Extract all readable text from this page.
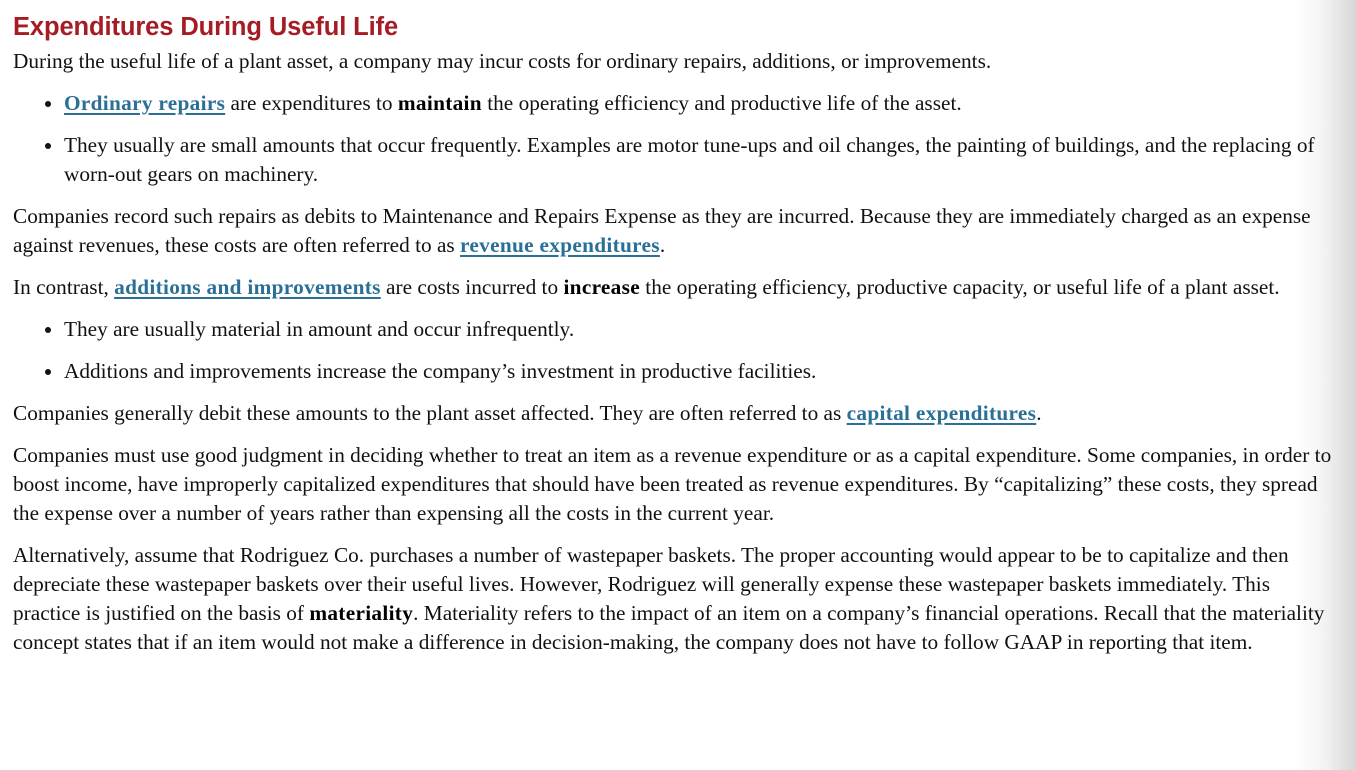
Expenditures During Useful Life

During the useful life of a plant asset, a company may incur costs for ordinary repairs, additions, or improvements.

• Ordinary repairs are expenditures to maintain the operating efficiency and productive life of the asset.
• They usually are small amounts that occur frequently. Examples are motor tune-ups and oil changes, the painting of buildings, and the replacing of worn-out gears on machinery.

Companies record such repairs as debits to Maintenance and Repairs Expense as they are incurred. Because they are immediately charged as an expense against revenues, these costs are often referred to as revenue expenditures.

In contrast, additions and improvements are costs incurred to increase the operating efficiency, productive capacity, or useful life of a plant asset.

• They are usually material in amount and occur infrequently.
• Additions and improvements increase the company’s investment in productive facilities.

Companies generally debit these amounts to the plant asset affected. They are often referred to as capital expenditures.

Companies must use good judgment in deciding whether to treat an item as a revenue expenditure or as a capital expenditure. Some companies, in order to boost income, have improperly capitalized expenditures that should have been treated as revenue expenditures. By “capitalizing” these costs, they spread the expense over a number of years rather than expensing all the costs in the current year.

Alternatively, assume that Rodriguez Co. purchases a number of wastepaper baskets. The proper accounting would appear to be to capitalize and then depreciate these wastepaper baskets over their useful lives. However, Rodriguez will generally expense these wastepaper baskets immediately. This practice is justified on the basis of materiality. Materiality refers to the impact of an item on a company’s financial operations. Recall that the materiality concept states that if an item would not make a difference in decision-making, the company does not have to follow GAAP in reporting that item.
